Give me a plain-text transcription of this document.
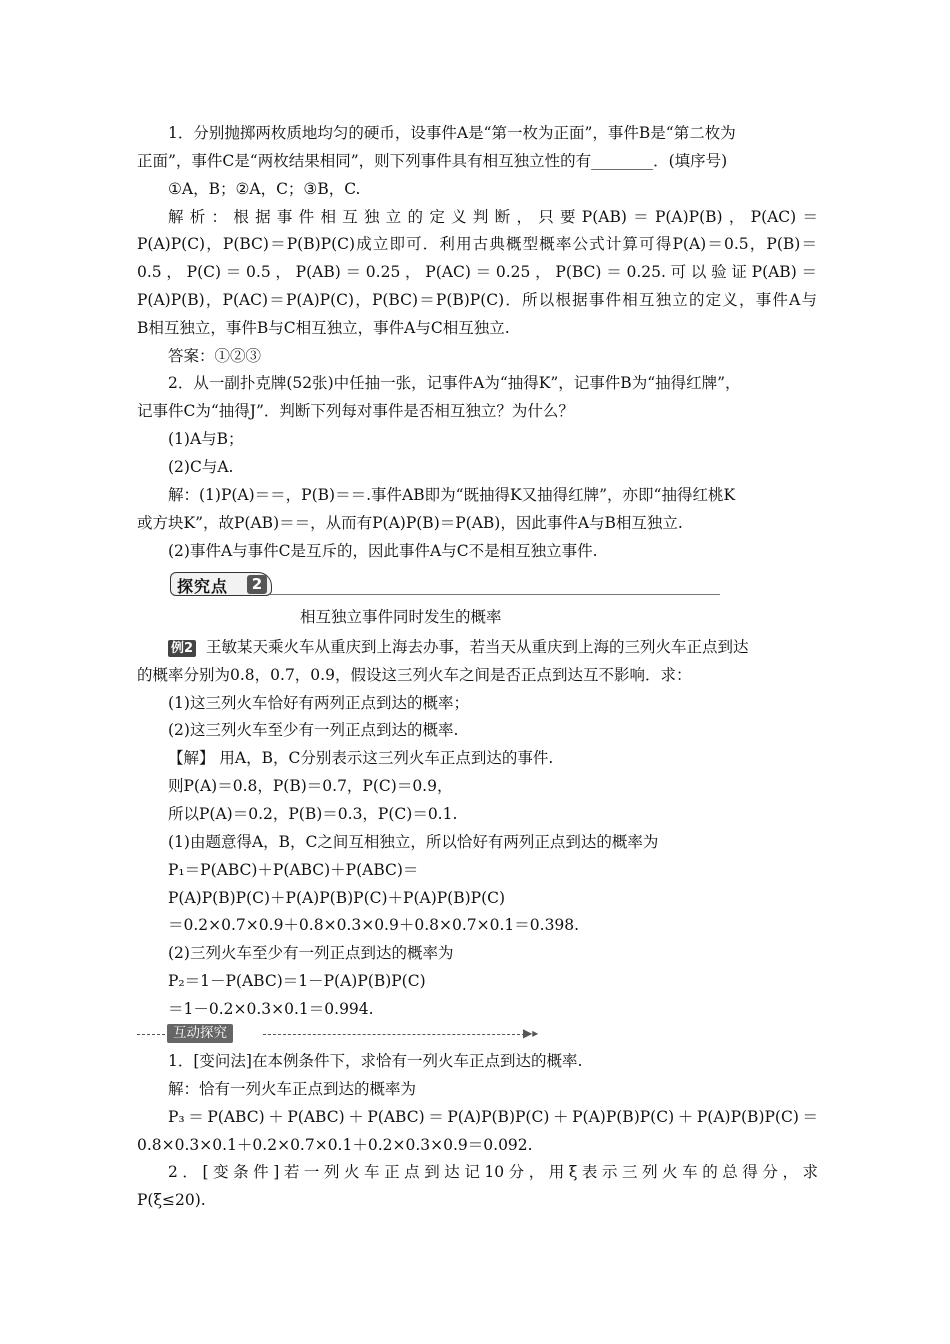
1．分别抛掷两枚质地均匀的硬币，设事件A是“第一枚为正面”，事件B是“第二枚为
正面”，事件C是“两枚结果相同”，则下列事件具有相互独立性的有________．(填序号)
①A，B；②A，C；③B，C.
解析：根据事件相互独立的定义判断，只要P(AB)＝P(A)P(B)，P(AC)＝
P(A)P(C)，P(BC)＝P(B)P(C)成立即可．利用古典概型概率公式计算可得P(A)＝0.5，P(B)＝
0.5，P(C)＝0.5，P(AB)＝0.25，P(AC)＝0.25，P(BC)＝0.25.可以验证P(AB)＝
P(A)P(B)，P(AC)＝P(A)P(C)，P(BC)＝P(B)P(C)．所以根据事件相互独立的定义，事件A与
B相互独立，事件B与C相互独立，事件A与C相互独立.
答案：①②③
2．从一副扑克牌(52张)中任抽一张，记事件A为“抽得K”，记事件B为“抽得红牌”，
记事件C为“抽得J”．判断下列每对事件是否相互独立？为什么？
(1)A与B；
(2)C与A.
解：(1)P(A)＝＝，P(B)＝＝.事件AB即为“既抽得K又抽得红牌”，亦即“抽得红桃K
或方块K”，故P(AB)＝＝，从而有P(A)P(B)＝P(AB)，因此事件A与B相互独立.
(2)事件A与事件C是互斥的，因此事件A与C不是相互独立事件.
探究点	2
相互独立事件同时发生的概率
例2 王敏某天乘火车从重庆到上海去办事，若当天从重庆到上海的三列火车正点到达
的概率分别为0.8，0.7，0.9，假设这三列火车之间是否正点到达互不影响．求：
(1)这三列火车恰好有两列正点到达的概率；
(2)这三列火车至少有一列正点到达的概率.
【解】 用A，B，C分别表示这三列火车正点到达的事件.
则P(A)＝0.8，P(B)＝0.7，P(C)＝0.9，
所以P(A)＝0.2，P(B)＝0.3，P(C)＝0.1.
(1)由题意得A，B，C之间互相独立，所以恰好有两列正点到达的概率为
P₁＝P(ABC)＋P(ABC)＋P(ABC)＝
P(A)P(B)P(C)＋P(A)P(B)P(C)＋P(A)P(B)P(C)
＝0.2×0.7×0.9＋0.8×0.3×0.9＋0.8×0.7×0.1＝0.398.
(2)三列火车至少有一列正点到达的概率为
P₂＝1－P(ABC)＝1－P(A)P(B)P(C)
＝1－0.2×0.3×0.1＝0.994.
互动探究	▶▸
1．[变问法]在本例条件下，求恰有一列火车正点到达的概率.
解：恰有一列火车正点到达的概率为
P₃＝P(ABC)＋P(ABC)＋P(ABC)＝P(A)P(B)P(C)＋P(A)P(B)P(C)＋P(A)P(B)P(C)＝
0.8×0.3×0.1＋0.2×0.7×0.1＋0.2×0.3×0.9＝0.092.
2．[变条件]若一列火车正点到达记10分，用ξ表示三列火车的总得分，求
P(ξ≤20).
